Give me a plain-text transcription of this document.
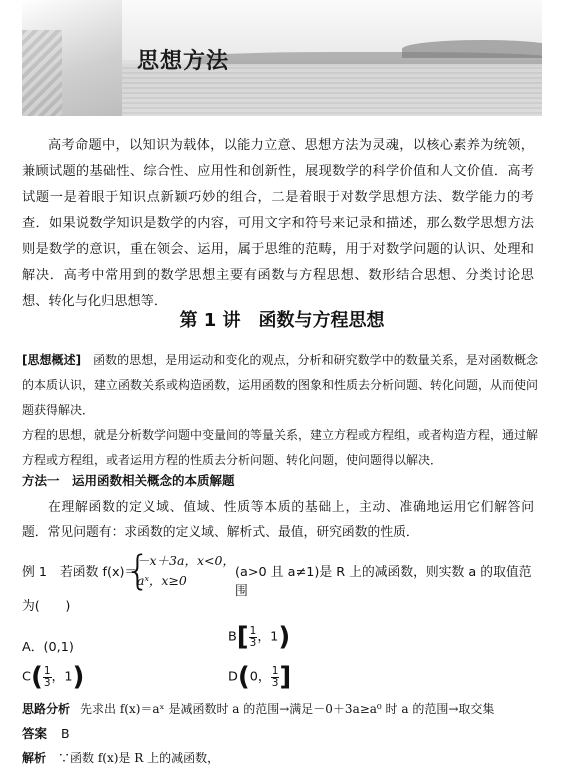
思想方法
高考命题中，以知识为载体，以能力立意、思想方法为灵魂，以核心素养为统领，兼顾试题的基础性、综合性、应用性和创新性，展现数学的科学价值和人文价值．高考试题一是着眼于知识点新颖巧妙的组合，二是着眼于对数学思想方法、数学能力的考查．如果说数学知识是数学的内容，可用文字和符号来记录和描述，那么数学思想方法则是数学的意识，重在领会、运用，属于思维的范畴，用于对数学问题的认识、处理和解决．高考中常用到的数学思想主要有函数与方程思想、数形结合思想、分类讨论思想、转化与化归思想等．
第 1 讲　函数与方程思想

[思想概述]　 函数的思想，是用运动和变化的观点，分析和研究数学中的数量关系，是对函数概念的本质认识，建立函数关系或构造函数，运用函数的图象和性质去分析问题、转化问题，从而使问题获得解决．

方程的思想，就是分析数学问题中变量间的等量关系，建立方程或方程组，或者构造方程，通过解方程或方程组，或者运用方程的性质去分析问题、转化问题，使问题得以解决．

方法一　运用函数相关概念的本质解题
在理解函数的定义域、值域、性质等本质的基础上，主动、准确地运用它们解答问题．常见问题有：求函数的定义域、解析式、最值，研究函数的性质．
例 1 若函数 f(x)＝
{
－x＋3a，x<0，
aˣ，x≥0
(a>0 且 a≠1)是 R 上的减函数，则实数 a 的取值范围
为(　　)
A．(0,1)
$B[ \frac{1}{3}$ ，1)
$C( \frac{1}{3}$ ，1)	D(0， $\frac{1}{3}$ ]
思路分析 先求出 f(x)＝aˣ 是减函数时 a 的范围→满足－0＋3a≥a⁰ 时 a 的范围→取交集
答案 B
解析 ∵函数 f(x)是 R 上的减函数，
